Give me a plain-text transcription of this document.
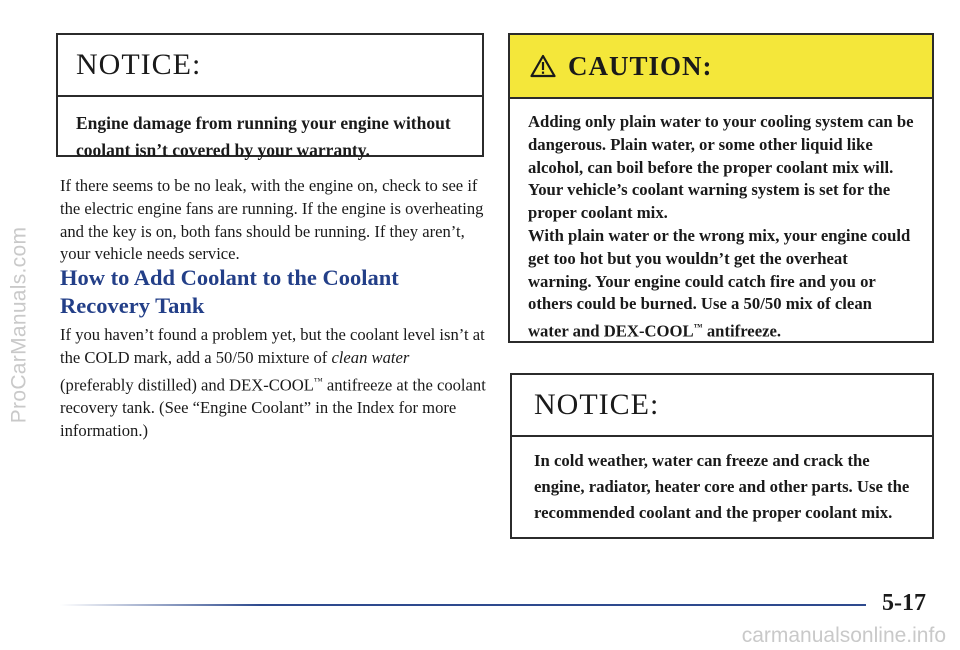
ProCarManuals.com
NOTICE:
Engine damage from running your engine without coolant isn’t covered by your warranty.
If there seems to be no leak, with the engine on, check to see if the electric engine fans are running. If the engine is overheating and the key is on, both fans should be running. If they aren’t, your vehicle needs service.
How to Add Coolant to the Coolant Recovery Tank
If you haven’t found a problem yet, but the coolant level isn’t at the COLD mark, add a 50/50 mixture of clean water (preferably distilled) and DEX-COOL™ antifreeze at the coolant recovery tank. (See “Engine Coolant” in the Index for more information.)
CAUTION:

Adding only plain water to your cooling system can be dangerous. Plain water, or some other liquid like alcohol, can boil before the proper coolant mix will. Your vehicle’s coolant warning system is set for the proper coolant mix.

With plain water or the wrong mix, your engine could get too hot but you wouldn’t get the overheat warning. Your engine could catch fire and you or others could be burned. Use a 50/50 mix of clean water and DEX-COOL™ antifreeze.

NOTICE:
In cold weather, water can freeze and crack the engine, radiator, heater core and other parts. Use the recommended coolant and the proper coolant mix.
5-17
carmanualsonline.info
